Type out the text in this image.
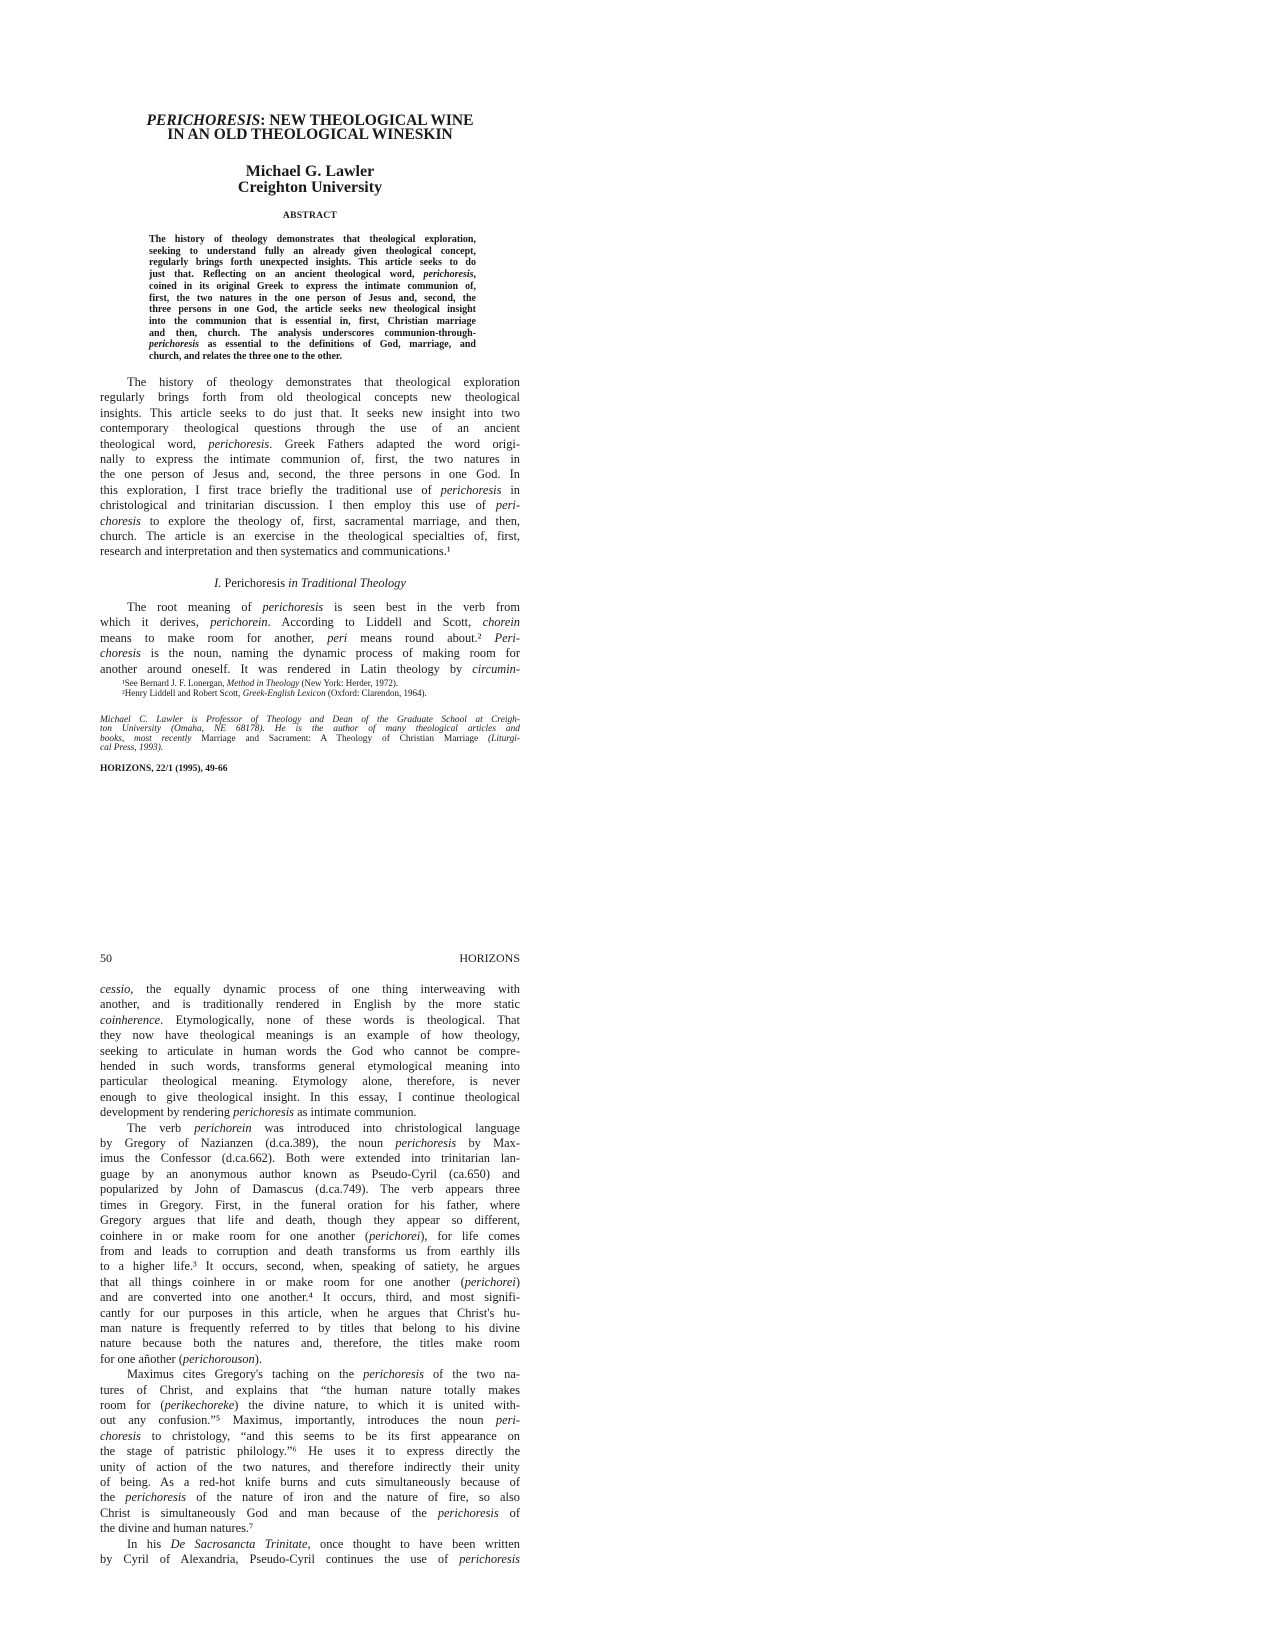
PERICHORESIS: NEW THEOLOGICAL WINE
IN AN OLD THEOLOGICAL WINESKIN
Michael G. Lawler
Creighton University
ABSTRACT
The history of theology demonstrates that theological exploration,
seeking to understand fully an already given theological concept,
regularly brings forth unexpected insights. This article seeks to do
just that. Reflecting on an ancient theological word, perichoresis,
coined in its original Greek to express the intimate communion of,
first, the two natures in the one person of Jesus and, second, the
three persons in one God, the article seeks new theological insight
into the communion that is essential in, first, Christian marriage
and then, church. The analysis underscores communion-through-
perichoresis as essential to the definitions of God, marriage, and
church, and relates the three one to the other.
The history of theology demonstrates that theological exploration
regularly brings forth from old theological concepts new theological
insights. This article seeks to do just that. It seeks new insight into two
contemporary theological questions through the use of an ancient
theological word, perichoresis. Greek Fathers adapted the word origi-
nally to express the intimate communion of, first, the two natures in
the one person of Jesus and, second, the three persons in one God. In
this exploration, I first trace briefly the traditional use of perichoresis in
christological and trinitarian discussion. I then employ this use of peri-
choresis to explore the theology of, first, sacramental marriage, and then,
church. The article is an exercise in the theological specialties of, first,
research and interpretation and then systematics and communications.¹
I. Perichoresis in Traditional Theology
The root meaning of perichoresis is seen best in the verb from
which it derives, perichorein. According to Liddell and Scott, chorein
means to make room for another, peri means round about.² Peri-
choresis is the noun, naming the dynamic process of making room for
another around oneself. It was rendered in Latin theology by circumin-
¹See Bernard J. F. Lonergan, Method in Theology (New York: Herder, 1972).
²Henry Liddell and Robert Scott, Greek-English Lexicon (Oxford: Clarendon, 1964).
Michael C. Lawler is Professor of Theology and Dean of the Graduate School at Creigh-
ton University (Omaha, NE 68178). He is the author of many theological articles and
books, most recently Marriage and Sacrament: A Theology of Christian Marriage (Liturgi-
cal Press, 1993).
HORIZONS, 22/1 (1995), 49-66
50	HORIZONS
cessio, the equally dynamic process of one thing interweaving with
another, and is traditionally rendered in English by the more static
coinherence. Etymologically, none of these words is theological. That
they now have theological meanings is an example of how theology,
seeking to articulate in human words the God who cannot be compre-
hended in such words, transforms general etymological meaning into
particular theological meaning. Etymology alone, therefore, is never
enough to give theological insight. In this essay, I continue theological
development by rendering perichoresis as intimate communion.
The verb perichorein was introduced into christological language
by Gregory of Nazianzen (d.ca.389), the noun perichoresis by Max-
imus the Confessor (d.ca.662). Both were extended into trinitarian lan-
guage by an anonymous author known as Pseudo-Cyril (ca.650) and
popularized by John of Damascus (d.ca.749). The verb appears three
times in Gregory. First, in the funeral oration for his father, where
Gregory argues that life and death, though they appear so different,
coinhere in or make room for one another (perichorei), for life comes
from and leads to corruption and death transforms us from earthly ills
to a higher life.³ It occurs, second, when, speaking of satiety, he argues
that all things coinhere in or make room for one another (perichorei)
and are converted into one another.⁴ It occurs, third, and most signifi-
cantly for our purposes in this article, when he argues that Christ's hu-
man nature is frequently referred to by titles that belong to his divine
nature because both the natures and, therefore, the titles make room
for one añother (perichorouson).
Maximus cites Gregory's taching on the perichoresis of the two na-
tures of Christ, and explains that “the human nature totally makes
room for (perikechoreke) the divine nature, to which it is united with-
out any confusion.”⁵ Maximus, importantly, introduces the noun peri-
choresis to christology, “and this seems to be its first appearance on
the stage of patristic philology.”⁶ He uses it to express directly the
unity of action of the two natures, and therefore indirectly their unity
of being. As a red-hot knife burns and cuts simultaneously because of
the perichoresis of the nature of iron and the nature of fire, so also
Christ is simultaneously God and man because of the perichoresis of
the divine and human natures.⁷
In his De Sacrosancta Trinitate, once thought to have been written
by Cyril of Alexandria, Pseudo-Cyril continues the use of perichoresis
